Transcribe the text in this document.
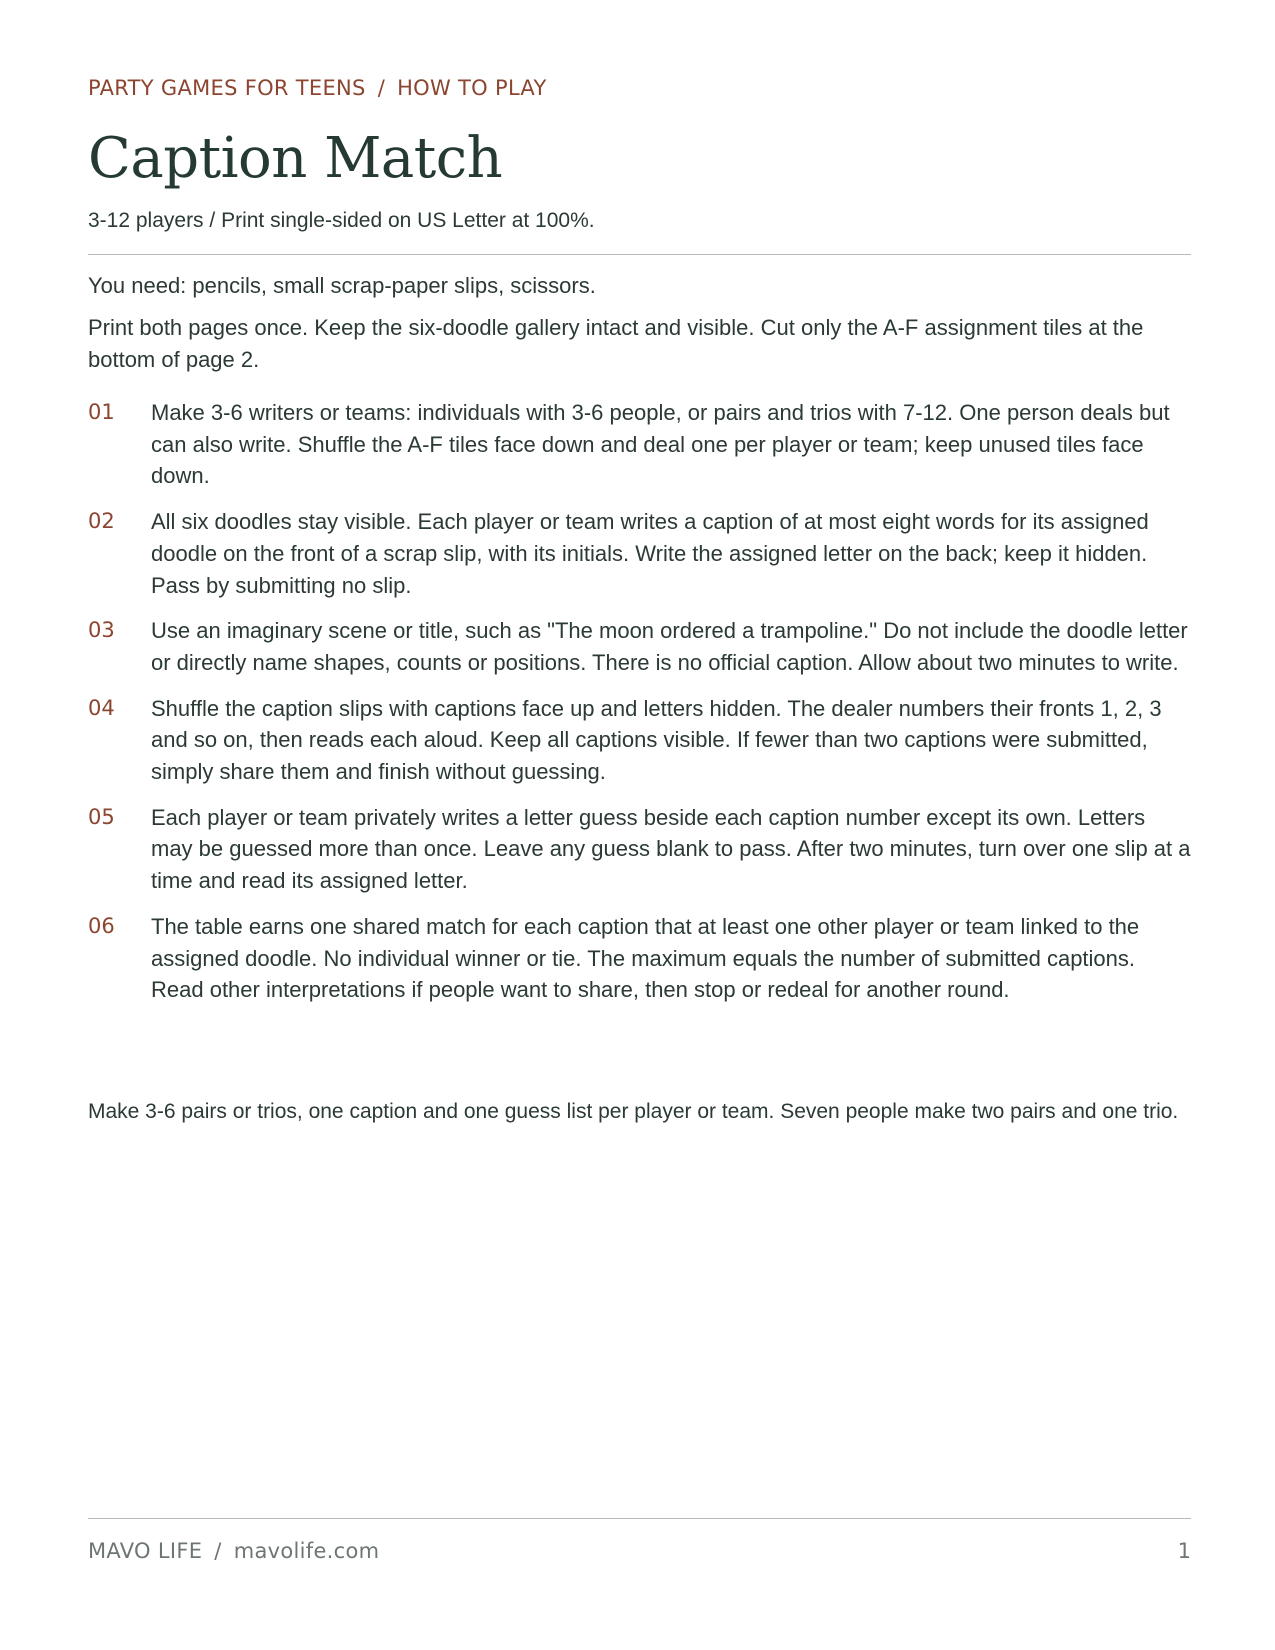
PARTY GAMES FOR TEENS / HOW TO PLAY
Caption Match
3-12 players / Print single-sided on US Letter at 100%.
You need: pencils, small scrap-paper slips, scissors.
Print both pages once. Keep the six-doodle gallery intact and visible. Cut only the A-F assignment tiles at the bottom of page 2.
01	Make 3-6 writers or teams: individuals with 3-6 people, or pairs and trios with 7-12. One person deals but can also write. Shuffle the A-F tiles face down and deal one per player or team; keep unused tiles face down.
02	All six doodles stay visible. Each player or team writes a caption of at most eight words for its assigned doodle on the front of a scrap slip, with its initials. Write the assigned letter on the back; keep it hidden. Pass by submitting no slip.
03	Use an imaginary scene or title, such as "The moon ordered a trampoline." Do not include the doodle letter or directly name shapes, counts or positions. There is no official caption. Allow about two minutes to write.
04	Shuffle the caption slips with captions face up and letters hidden. The dealer numbers their fronts 1, 2, 3 and so on, then reads each aloud. Keep all captions visible. If fewer than two captions were submitted, simply share them and finish without guessing.
05	Each player or team privately writes a letter guess beside each caption number except its own. Letters may be guessed more than once. Leave any guess blank to pass. After two minutes, turn over one slip at a time and read its assigned letter.
06	The table earns one shared match for each caption that at least one other player or team linked to the assigned doodle. No individual winner or tie. The maximum equals the number of submitted captions. Read other interpretations if people want to share, then stop or redeal for another round.
Make 3-6 pairs or trios, one caption and one guess list per player or team. Seven people make two pairs and one trio.
MAVO LIFE / mavolife.com	1
